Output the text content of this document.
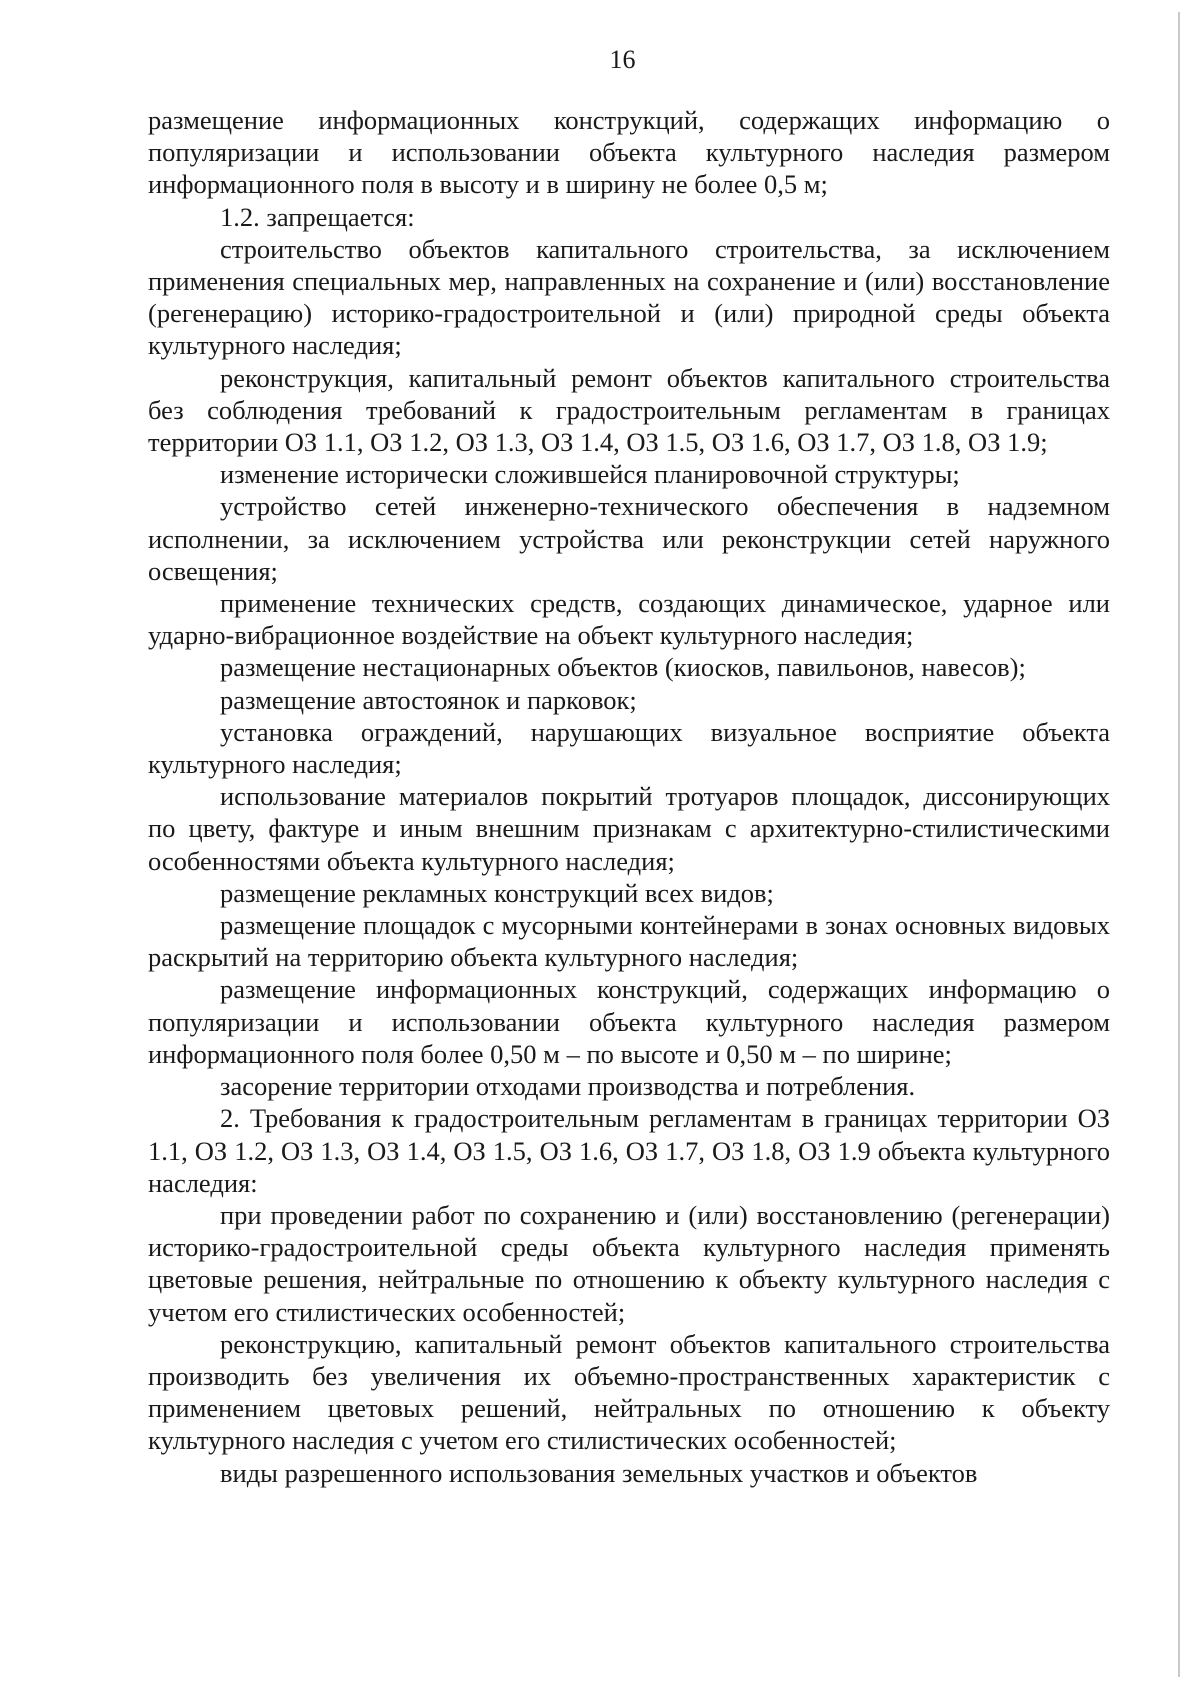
16

размещение информационных конструкций, содержащих информацию о популяризации и использовании объекта культурного наследия размером информационного поля в высоту и в ширину не более 0,5 м;

1.2. запрещается:

строительство объектов капитального строительства, за исключением применения специальных мер, направленных на сохранение и (или) восстановление (регенерацию) историко-градостроительной и (или) природной среды объекта культурного наследия;

реконструкция, капитальный ремонт объектов капитального строительства без соблюдения требований к градостроительным регламентам в границах территории ОЗ 1.1, ОЗ 1.2, ОЗ 1.3, ОЗ 1.4, ОЗ 1.5, ОЗ 1.6, ОЗ 1.7, ОЗ 1.8, ОЗ 1.9;

изменение исторически сложившейся планировочной структуры;

устройство сетей инженерно-технического обеспечения в надземном исполнении, за исключением устройства или реконструкции сетей наружного освещения;

применение технических средств, создающих динамическое, ударное или ударно-вибрационное воздействие на объект культурного наследия;

размещение нестационарных объектов (киосков, павильонов, навесов);

размещение автостоянок и парковок;

установка ограждений, нарушающих визуальное восприятие объекта культурного наследия;

использование материалов покрытий тротуаров площадок, диссонирующих по цвету, фактуре и иным внешним признакам с архитектурно-стилистическими особенностями объекта культурного наследия;

размещение рекламных конструкций всех видов;

размещение площадок с мусорными контейнерами в зонах основных видовых раскрытий на территорию объекта культурного наследия;

размещение информационных конструкций, содержащих информацию о популяризации и использовании объекта культурного наследия размером информационного поля более 0,50 м – по высоте и 0,50 м – по ширине;

засорение территории отходами производства и потребления.

2. Требования к градостроительным регламентам в границах территории ОЗ 1.1, ОЗ 1.2, ОЗ 1.3, ОЗ 1.4, ОЗ 1.5, ОЗ 1.6, ОЗ 1.7, ОЗ 1.8, ОЗ 1.9 объекта культурного наследия:

при проведении работ по сохранению и (или) восстановлению (регенерации) историко-градостроительной среды объекта культурного наследия применять цветовые решения, нейтральные по отношению к объекту культурного наследия с учетом его стилистических особенностей;

реконструкцию, капитальный ремонт объектов капитального строительства производить без увеличения их объемно-пространственных характеристик с применением цветовых решений, нейтральных по отношению к объекту культурного наследия с учетом его стилистических особенностей;

виды разрешенного использования земельных участков и объектов
